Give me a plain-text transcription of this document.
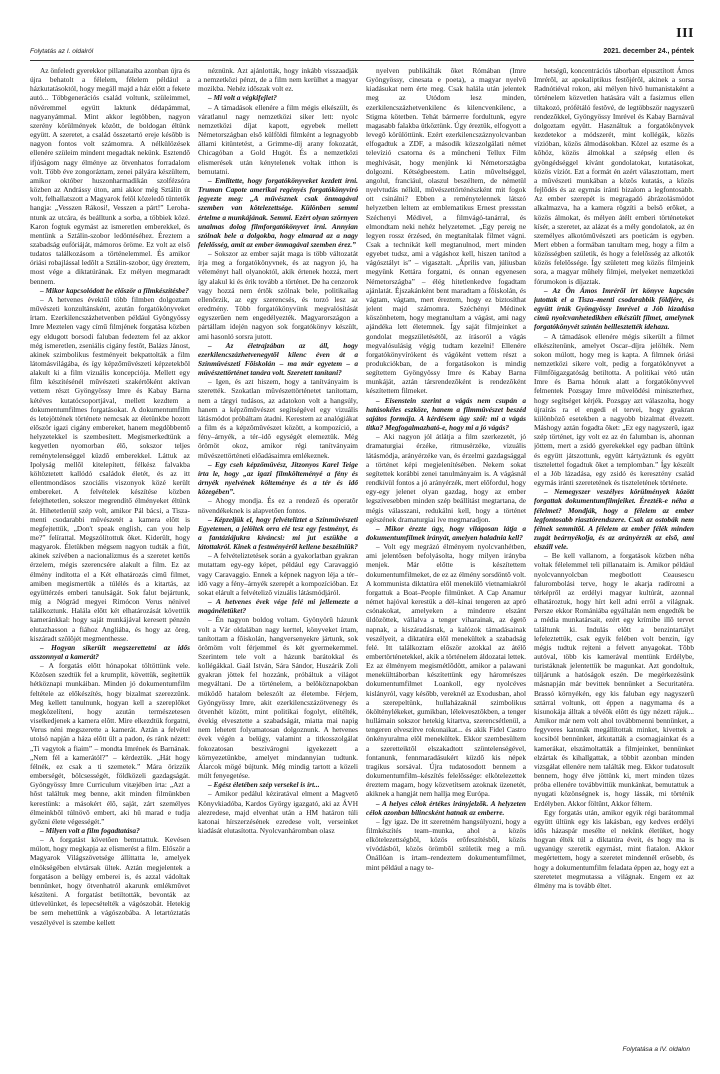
III
Folytatás az I. oldalról	2021. december 24., péntek

Az önfeledt gyerekkor pillanataiba azonban újra és újra behatolt a félelem, félelem például a házkutatásoktól, hogy megáll majd a ház előtt a fekete autó... Többgenerációs család voltunk, szüleimmel, nővéremmel együtt laktunk dédapámmal, nagyanyámmal. Mint akkor legtöbben, nagyon szerény körülmények között, de boldogan éltünk együtt. A szeretet, a család összetartó ereje késõbb is nagyon fontos volt számomra. A nélkülözések ellenére szüleim mindent megadtak nekünk. Esztendõ ifjúságom nagy élménye az ötvenhatos forradalom volt. Több éve zongoráztam, zenei pályára készültem, amikor október huszonharmadikán szolfézsóra közben az Andrássy úton, ami akkor még Sztálin út volt, felhallatszott a Magyarok felõl közeledõ tüntetők hangja: „Vesszen Rákosi!, Vesszen a párt!” Lerohantunk az utcára, és beálltunk a sorba, a többiek közé. Karon fogtuk egymást az ismeretlen emberekkel, és mentünk a Sztálin-szobor ledöntéséhez. Éreztem a szabadság eufóriáját, mámoros öröme. Ez volt az első tudatos találkozásom a történelemmel. És amikor óriási robajlással ledõlt a Sztálin-szobor, úgy éreztem, most vége a diktatúrának. Ez mélyen megmaradt bennem.

– Mikor kapcsolódott be először a filmkészítésbe?

– A hetvenes évektõl több filmben dolgoztam művészeti konzultánsként, azután forgatókönyveket írtam. Ezerkilencszázhetvenben például Gyöngyössy Imre Meztelen vagy című filmjének forgatása közben egy eldugott borsodi faluban fedeztem fel az akkor még ismeretlen, zseniális cigány festõt, Balázs Jánost, akinek szimbolikus festményeit bekpattolták a film látomásvilágába, és így képzőművészeti képzetekbõl alakult ki a film vizuális koncepciója. Mellett egy film készítésénél mûvészeti szakértőként aktívan vettem részt Gyöngyössy Imre és Kabay Barna kétéves kutatócsoportjával, mellett kezdtem a dokumentumfilmes forgatásokat. A dokumentumfilm és letejöttének története nemcsak az életünkbe hozott először igazi cigány embereket, hanem megdöbbentõ helyzetekkel is szembesített. Megismerkedtünk a kegyetlen nyomorban élõ, sokszor teljes reménytelenséggel küzdõ emberekkel. Láttuk az Ipolyság mellõl kitelepített, félkész falvakba költöztetett kallódó családok életét, és az itt ellentmondásos szociális viszonyok közé került embereket. A felvételek készítése közben felejthetetlen, sokszor megrendítő élményeket éltünk át. Hihetetlenül szép volt, amikor Pál bácsi, a Tisza-menti csodarabbi mûvészetét a kamera elõtt is megfejtettük, „Don't speak english, can you help me?” felírattal. Megszólítottuk õket. Kiderült, hogy magyarok. Életükben mégsem nagyon tudták a fiút, akinek szívében a nacionalizmus és a szeretet kettõs érzelem, mégis szerencsére alakult a film. Ez az élmény indította el a Két elhatározás című filmet, amiben megismertük a túlélés és a kitartás, az együttérzés emberi tanulságát. Sok falut bejártunk, míg a Nógrád megyei Rimócon Verus nénivel találkoztunk. Halála elõtt két elhatározását követtük kameránkkal: hogy saját munkájával keresett pénzén elutazhasson a fiához Angliába, és hogy az öreg, kiszáradt szõlõjét megmenthesse.

– Hogyan sikerült megszerettetni az idős asszonnyal a kamerát?

– A forgatás előtt hónapokat töltöttünk vele. Közösen szedtük fel a krumplit, követtük, segítettük hétköznapi munkáiban. Minden jó dokumentumfilm feltétele az előkészítés, hogy bizalmat szerezzünk. Meg kellett tanulnunk, hogyan kell a szereplõket megközelíteni, hogy azután természetesen viselkedjenek a kamera elõtt. Mire elkezdtük forgatni, Verus néni megszerette a kamerát. Aztán a felvétel utolsó napján a háza elõtt ült a padon, és ránk nézett: „Ti vagytok a fiaim” – mondta Imrének és Barnának. „Nem fél a kamerától?” – kérdeztük. „Hát hogy félnék, ez csak a ti szemetek.” Mára örizzük emberségét, bölcsességét, földközeli gazdagságát. Gyöngyössy Imre Curriculum vitæjében írta: „Azt a hõst találtuk meg benne, akit minden filmünkben kerestünk: a másokért élõ, saját, zárt személyes élmeinkbõl túlnövõ embert, aki hû marad e tudja győzni élete végességét.”

– Milyen volt a film fogadtatása?

– A forgatást követõen bemutattuk. Kevésen múlott, hogy megkapja az elismerést a film. Először a Magyarok Világszövetsége állíttatta le, amelyek elnökségében elvtársak ültek. Aztán megjelentek a forgatáson a belügy emberei is, és azzal vádoltak bennünket, hogy ötvenhatról akarunk emlékmûvet készíteni. A forgatást betiltották, bevonták az útlevelünket, és lepecsételték a vágószobát. Hetekig be sem mehettünk a vágószobába. A letartóztatás veszélyével is szembe kellett

néznünk. Azt ajánlották, hogy inkább visszaadják a nemzetközi pénzt, de a film nem kerülhet a magyar mozikba. Nehéz idõszak volt ez.

– Mi volt a végkifejlet?

– A támadások ellenére a film mégis elkészült, és váratlanul nagy nemzetközi siker lett: nyolc nemzetközi díjat kapott, egyebek mellett Németországban első külföldi filmként a legnagyobb állami kitüntetést, a Grimme-díj arany fokozatát, Chicagóban a Gold Hugót. És a nemzetközi elismerések után kénytelenek voltak itthon is bemutatni.

– Emlitette, hogy forgatókönyveket kezdett írni. Truman Capote amerikai regényés forgatókönyvíró jegyezte meg: „A művésznek csak önmagával szemben van kötelezettsége. Különben semmi értelme a munkájának. Semmi. Ezért olyan szörnyen unalmas dolog filmforgatókönyvet írni. Annyian szólnak bele a dolgokba, hogy elmarad az a nagy felelősség, amit az ember önmagával szemben érez.”

– Sokszor az ember saját maga is több változatát írja meg a forgatókönyvnek, és az nagyon jó, ha véleményt hall olyanoktól, akik értenek hozzá, mert így alakul ki és érik tovább a történet. De ha cenzorok vagy hozzá nem értõk szólnak bele, politikailag ellenőrzik, az egy szerencsés, és torzó lesz az eredmény. Több forgatókönyvünk megvalósítását egyszerûen nem engedélyezték. Magyarországon a pártállam idején nagyon sok forgatókönyv készült, ami hasonló sorsra jutott.

– Az életrajzában az áll, hogy ezerkilencszázhetvenegytõl kilenc éven át a Színmûvészeti Fõiskolán – ma már egyetem – a mûvészettörténet tanára volt. Szeretett tanítani?

– Igen, és azt hiszem, hogy a tanítványaim is szerették. Szokatlan mûvészettörténetet tanítottam, nem a tárgyi tudásos, az adatokon volt a hangsúly, hanem a képzőmûvészet segítségével egy vizuális látásmódot próbáltam átadni. Kerestem az analógiákat a film és a képzõmûvészet között, a kompozíció, a fény–árnyék, a tér–idõ egységét elemeztük. Még örömöt okoz, amikor régi tanítványaim mûvészettörténeti előadásaimra emlékeznek.

– Egy cseh képzőmûvész, Jitzonyos Karel Teige írta le, hogy „az igazi filmkölteményé a fény és árnyék nyelvének költeménye és a tér és idő közegében”.

– Ahogy mondja. És ez a rendezõ és operatõr növendékeknek is alapvetően fontos.

– Képzeljük el, hogy felvételiztet a Színmûvészeti Egyetemen, a jelöltek orra elé tesz egy festményt, és a fantáziájukra kíváncsi: mi jut eszükbe a látottakról. Kinek a festményéről kellene beszélniük?

– A felvételiztetések során a gyakorlatban gyakran mutattam egy-egy képet, például egy Caravaggió vagy Caravaggio. Ennek a képnek nagyon léja a tér– idõ vagy a fény–árnyék szerepét a kompozícióban. Ez sokat elárult a felvételizõ vizuális látásmódjáról.

– A hetvenes évek vége felé mi jellemezte a magánéletüket?

– Én nagyon boldog voltam. Gyönyörû házunk volt a Vár oldalában nagy kerttel, könyveket írtam, tanítottam a fõiskolán, hangversenyekre jártunk, sok örömöm volt férjemmel és két gyermekemmel. Szerintem tele volt a házunk barátokkal és kollégákkal. Gaál István, Sára Sándor, Huszárik Zoli gyakran jöttek fel hozzánk, próbáltuk a világot megváltani. De a történelem, a belõköznapokban múködõ hatalom beleszólt az életembe. Férjem, Gyöngyössy Imre, akit ezerkilencszázötvenegy és ötvenhét között, mint politikai fogolyt, elítélték, évekig elvesztette a szabadságát, miatta mai napig nem lehetett folyamatosan dolgoznunk. A hetvenes évek végén a belügy, valamint a titkosszolgálat fokozatosan beszivárogni igyekezett a környezetünkbe, amelyet mindannyian tudtunk. Álarcok mögé bújtunk. Még mindig tartott a közeli múlt fenyegetése.

– Egész életében szép versekel is írt...

– Amikor pedálul kéziratával elment a Magvetõ Könyvkiadóba, Kardos György igazgató, aki az ÁVH alezredese, majd elvenhat után a HM határon túli katonai hírszerzésének ezredese volt, verseinket kiadását elutasította. Nyolcvanháromban olasz

nyelven publikálták õket Rómában (Imre Gyöngyössy, cinesata e poeta), a magyar nyelvû kiadásukat nem érte meg. Csak halála után jelentek meg az Utódom lesz minden, ezerkilencszázhetvenkilenc és kilencvenkilenc, a Stigma kötetben. Tehát bármerre fordultunk, egyre magasabb falakba ütköztünk. Úgy éreztük, elfogyott a levegõ körülöttünk. Ezért ezerkilencszáznyolcvanban elfogadtuk a ZDF, a második közszolgálati német televízió csatorna és a müncheni Tellux Film meghívását, hogy menjünk ki Németországba dolgozni. Kétségbeestem. Latin mûveltséggel, angolul, franciául, olaszul beszéltem, de németül nyelvtudás nélkül, mûvészettörténészként mit fogok ott csinálni? Ebben a reménytelennek látszó helyzetben leltem az emblematikus Ernest pressstan Széchenyi Médivel, a filmvágó-tanárral, és elmondtam neki nehéz helyzetemet. „Egy pereig ne legyen rossz érzésed, én megtanítalak filmet vágni. Csak a technikát kell megtanulnod, mert minden egyebet tudsz, ami a vágáshoz kell, hiszen tanítod a vágósztályt is” – vigasztalt. „Április van, júliusban megyünk Kettára forgatni, és onnan egyenesen Németországba” – élég hitetlenkedve fogadtam ajánlatát. Éjszakánként bent maradtam a fõiskolán, és vágtam, vágtam, mert éreztem, hogy ez biztosíthat jelent majd számomra. Széchényi Médinek köszönhetem, hogy megtanultam a vágást, ami nagy ajándéka lett életemnek. Így saját filmjeinket a gondolat megszületésétõl, az írásoról a vágás megvalósulásig végig tudtam kezelni! Ellenére forgatókönyvírókent és vágóként vettem részt a produkciókban, de a forgatásokon is mindig segítettem Gyöngyössy Imre és Kabay Barna munkáját, aztán társrendezõként is rendezõként készítettem filmeket.

– Eisenstein szerint a vágás nem csupán a hatásokéles eszköze, hanem a filmmûvészet beszéd sajátos formája. A kérdésem úgy szól: mi a vágás titka? Megfogalmazható-e, hogy mi a jó vágás?

– Aki nagyon jól átlátja a film szerkezetét, jó dramaturgiai érzéke, ritmusérzéke, vizuális látásmódja, arányérzéke van, és érzelmi gazdagsággal a történet képi megjelenítésében. Nekem sokat segítettek korábbi zenei tanulmányaim is. A vágásnál rendkívül fontos a jó arányérzék, mert előfordul, hogy egy-egy jelenet olyan gazdag, hogy az ember legszívesebben minden szép beállítást megtartana, de mégis válasszani, redukálni kell, hogy a történet egészének dramaturgiai íve megmaradjon.

– Mikor érezte úgy, hogy világosan látja a dokumentumfilmek irányát, amelyen haladnia kell?

– Volt egy megrázó élményem nyolcvanhétben, ami jelentõsen befolyásolta, hogy milyen irányba menjek. Már előtte is készítettem dokumentumfilmeket, de ez az élmény sorsdöntõ volt. A kommunista diktatúra elõl menekülõ vietnamiakról forgattuk a Boat–People filmünket. A Cap Anamur német hajóval kerestük a dél–kínai tengeren az apró csónakokat, amelyeken a mindenre elszánt üldözöttek, vállalva a tenger viharainak, az égetõ napnak, a kiszáradásnak, a kalózok támadásainak veszélyeit, a diktatúra elõl menekültek a szabadság felé. Itt találkoztam először azokkal az átélõ embertörténetekkel, akik a történelem áldozatai lettek. Ez az élményem megismétlõdött, amikor a palawani menekülttáborban készítettünk egy háromrészes dokumentumfilmet Loankoll, egy nyolcéves kislányról, vagy később, vereknél az Exodusban, ahol a szerepeltünk, hullaházaknál szimbolikus ökölténylékeket, gumikban, lélekvesztõkben, a tenger hullámain sokszor hetekig kitartva, szerencsétlenül, a tengeren elveszítve rokonaikat... és akik Fidel Castro önkényuralma elõl menekültek. Ekkor szembesültem a szeretteiktõl elszakadtott szüntelenségével, fontanunk, fennmaradásukért küzdõ kis népek tragikus sorsával. Újra tudatosodott bennem a dokumentumfilm–készítés felelőssége: elkötelezettek éreztem magam, hogy közvetítsem azoknak üzenetét, akiknek a hangját nem hallja meg Európa.

– A helyes célok értékes irányjelzõk. A helyzeten célok azonban bilincsként hatnak az emberre.

– Így igaz. De itt szeretném hangsúlyozni, hogy a filmkészítés team–munka, ahol a közös elkötelezettségbõl, közös erõfeszítésbõl, közös vívódásból, közös örömbõl születik meg a mû. Önállóan is írtam–rendeztem dokumentumfilmet, mint például a nagy te-

hetségû, koncentrációs táborban elpusztított Ámos Imrérõl, az apokaliptikus festõjérõl, akinek a sorsa Radnótiéval rokon, aki mélyen hívõ humanistaként a történelem közvetlen hatására vált a fasizmus ellen tiltakozó, prófétáló festõvé, de legtöbbször nagyszerû rendezõkkel, Gyöngyössy Imrével és Kabay Barnával dolgoztam együtt. Használtuk a forgatókönyvek kezdetekor a módszerét, mint kollégák, közös vízióban, közös álmodásokban. Közel az eszme és a kõhöz, közös álmokkal a szépség ellen és gyöngédséggel kívánt gondolatokat, kutatásokat, közös víziót. Ezt a formát én azért választottam, mert a mûvészeti munkában a közös kutatás, a közös fejlõdés és az egymás iránti bizalom a legfontosabb. Az ember szerepét is megragadó ábrázolásmódot alkalmazva, ha a kamera rögzíti a belsõ erõket, a közös álmokat, és mélyen átélt emberi történeteket kísér, a szeretet, az alázat és a mély gondolatok, az én személyes alkotómûvészeti ars poeticám is egyben. Mert ebben a formában tanultam meg, hogy a film a közösségben születik, és hogy a felelõsség az alkotók közös felelõssége. Így született meg közös filmjeink sora, a magyar mûhely filmjei, melyeket nemzetközi fórumokon is díjaztak.

– Az Ön Ámos Imrérõl írt könyve kapcsán jutottak el a Tisza–menti csodarabbik földjére, és együtt írták Gyöngyössy Imrével a Jób lázadása címû nyolcvanhetedikben elkészült filmet, amelynek forgatókönyvét színtén beillesztették idehaza.

– A támadások ellenére mégis sikerült a filmet elkészítenünk, amelyet Oscar–díjra jelölték. Nem sokon múlott, hogy meg is kapta. A filmnek óriási nemzetközi sikere volt, pedig a forgatókönyvet a Filmfõigazgatóság betiltotta. A politikai vétó után Imre és Barna hónuk alatt a forgatókönyvvel felmentek Pozsgay Imre mûvelõdési miniszterhez, hogy segítséget kérjék. Pozsgay azt válaszolta, hogy újraírás ra el engedi el tervei, hogy gyakran különbözõ esetekben a nagyobb bizalmat élvezett. Máshogy aztán fogadta õket: „Ez egy nagyszerû, igaz szép történet, így volt ez az én falumban is, ahonnan jöttem, mert a zsidó gyerekekkel egy padban ültünk és együtt játszottunk, együtt kártyáztunk és együtt tisztelettel fogadtuk õket a templomban.” Így készült el a Jób lázadása, egy zsidó és keresztény család egymás iránti szeretetének és tiszteletének története.

– Nemegyszer veszélyes körülmények között forgattak dokumentumfilmjeiket. Érezték-e néha a félelmet? Mondják, hogy a félelem az ember legfontosabb riasztórendszere. Csak az ostobák nem félnek semmitõl. A félelem az ember félék minden zugát beárnyékolja, és az arányérzék az elsõ, ami elszáll vele.

– Be kell vallanom, a forgatások közben néha voltak félelemmel teli pillanataim is. Amikor például nyolcvannyolcban megbotlott Ceausescu falurombolási terve, hogy le akarja radírozni a térképről az erdélyi magyar kultúrát, azonnal elhatároztuk, hogy hírt kell adni errõl a világnak. Persze ekkor Romániába egyáltalán nem engedték be a média munkatársait, ezért egy krímibe illõ tervet találtunk ki. Indulás elõtt a benzintartályt lefeleztettük, csak egyik felében volt benzin, így mégis tudtuk rejteni a felvett anyagokat. Tõbb autóval, több kis kamerával mentünk Erdélybe, turistáknak jelentettük be magunkat. Azt gondoltuk, túljárunk a hatóságok eszén. De megérkezésünk másnapján már bevittek bennünket a Securitatéra. Brassó környékén, egy kis faluban egy nagyszerû sztárral voltunk, ott éppen a nagymama és a kisunokája álltak a tévéõk elõtt és úgy nézett rájuk... Amikor már nem volt ahol továbbmenni bennünket, a fegyveres katonák megállítottak minket, kivettek a kocsiból bennünket, átkutatták a csomagjainkat és a kamerákat, elszámoltatták a filmjeinket, bennünket elzártak és kihallgattak, a többit azonban minden vizsgálat ellenére nem találták meg. Ekkor tudatosult bennem, hogy élve jöttünk ki, mert minden tüzes próba ellenére továbbvittük munkánkat, bemutattuk a nyugati közönségnek is, hogy lássák, mi történik Erdélyben. Akkor föltûnt, Akkor féltem.

Egy forgatás után, amikor egyik régi barátommal együtt ültünk egy kis lakásban, egy kedves erdélyi idõs házaspár mesélte el nekünk életüket, hogy hogyan élték túl a diktatúra éveit, és hogy ma is ugyanúgy szeretik egymást, mint fiatalon. Akkor megértettem, hogy a szeretet mindennél erõsebb, és hogy a dokumentumfilm feladata éppen az, hogy ezt a szeretetet megmutassa a világnak. Engem ez az élmény ma is tovább éltet.

Folytatása a IV. oldalon
